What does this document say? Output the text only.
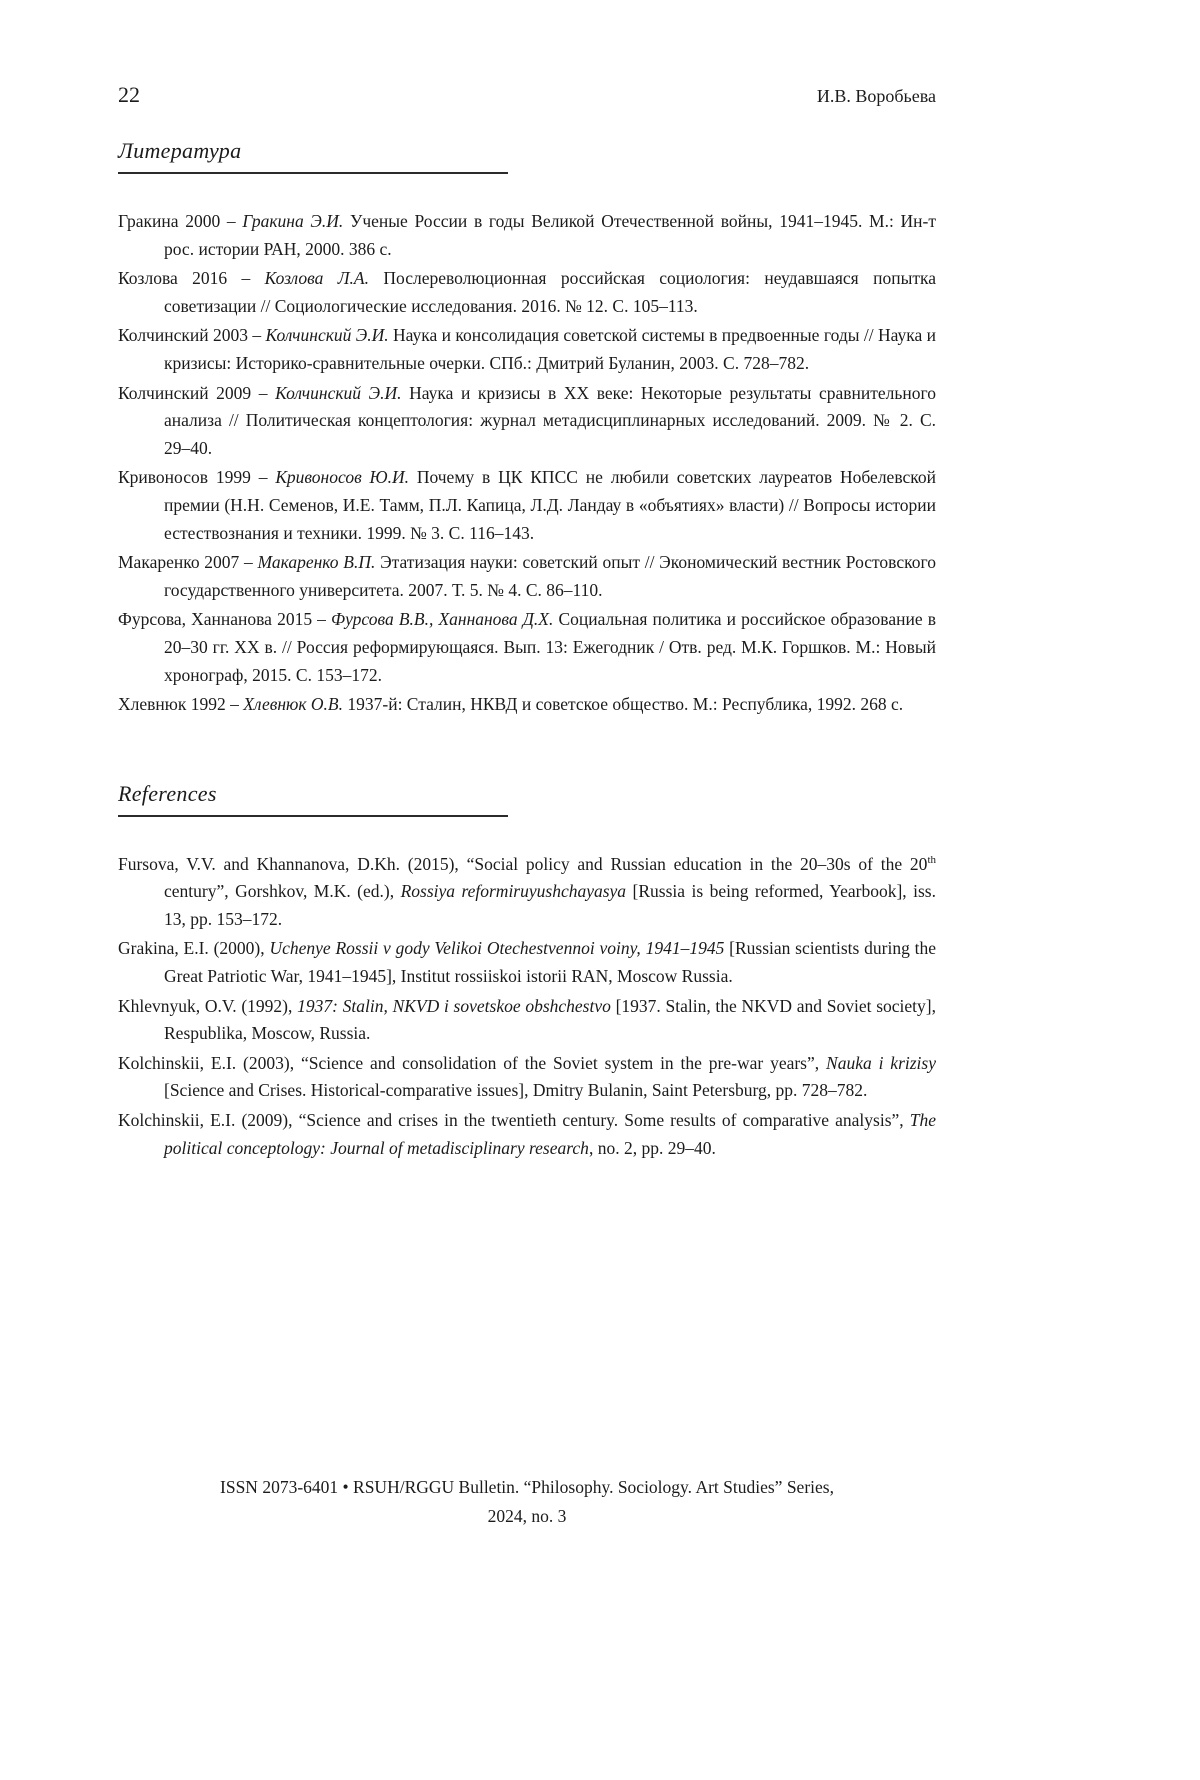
22	И.В. Воробьева
Литература

Гракина 2000 – Гракина Э.И. Ученые России в годы Великой Отечественной войны, 1941–1945. М.: Ин-т рос. истории РАН, 2000. 386 с.

Козлова 2016 – Козлова Л.А. Послереволюционная российская социология: неудавшаяся попытка советизации // Социологические исследования. 2016. № 12. С. 105–113.

Колчинский 2003 – Колчинский Э.И. Наука и консолидация советской системы в предвоенные годы // Наука и кризисы: Историко-сравнительные очерки. СПб.: Дмитрий Буланин, 2003. С. 728–782.

Колчинский 2009 – Колчинский Э.И. Наука и кризисы в XX веке: Некоторые результаты сравнительного анализа // Политическая концептология: журнал метадисциплинарных исследований. 2009. № 2. С. 29–40.

Кривоносов 1999 – Кривоносов Ю.И. Почему в ЦК КПСС не любили советских лауреатов Нобелевской премии (Н.Н. Семенов, И.Е. Тамм, П.Л. Капица, Л.Д. Ландау в «объятиях» власти) // Вопросы истории естествознания и техники. 1999. № 3. С. 116–143.

Макаренко 2007 – Макаренко В.П. Этатизация науки: советский опыт // Экономический вестник Ростовского государственного университета. 2007. Т. 5. № 4. С. 86–110.

Фурсова, Ханнанова 2015 – Фурсова В.В., Ханнанова Д.Х. Социальная политика и российское образование в 20–30 гг. XX в. // Россия реформирующаяся. Вып. 13: Ежегодник / Отв. ред. М.К. Горшков. М.: Новый хронограф, 2015. С. 153–172.

Хлевнюк 1992 – Хлевнюк О.В. 1937-й: Сталин, НКВД и советское общество. М.: Республика, 1992. 268 с.

References

Fursova, V.V. and Khannanova, D.Kh. (2015), “Social policy and Russian education in the 20–30s of the 20th century”, Gorshkov, M.K. (ed.), Rossiya reformiruyushchayasya [Russia is being reformed, Yearbook], iss. 13, pp. 153–172.

Grakina, E.I. (2000), Uchenye Rossii v gody Velikoi Otechestvennoi voiny, 1941–1945 [Russian scientists during the Great Patriotic War, 1941–1945], Institut rossiiskoi istorii RAN, Moscow Russia.

Khlevnyuk, O.V. (1992), 1937: Stalin, NKVD i sovetskoe obshchestvo [1937. Stalin, the NKVD and Soviet society], Respublika, Moscow, Russia.

Kolchinskii, E.I. (2003), “Science and consolidation of the Soviet system in the pre-war years”, Nauka i krizisy [Science and Crises. Historical-comparative issues], Dmitry Bulanin, Saint Petersburg, pp. 728–782.

Kolchinskii, E.I. (2009), “Science and crises in the twentieth century. Some results of comparative analysis”, The political conceptology: Journal of metadisciplinary research, no. 2, pp. 29–40.

ISSN 2073-6401 • RSUH/RGGU Bulletin. “Philosophy. Sociology. Art Studies” Series,
2024, no. 3
